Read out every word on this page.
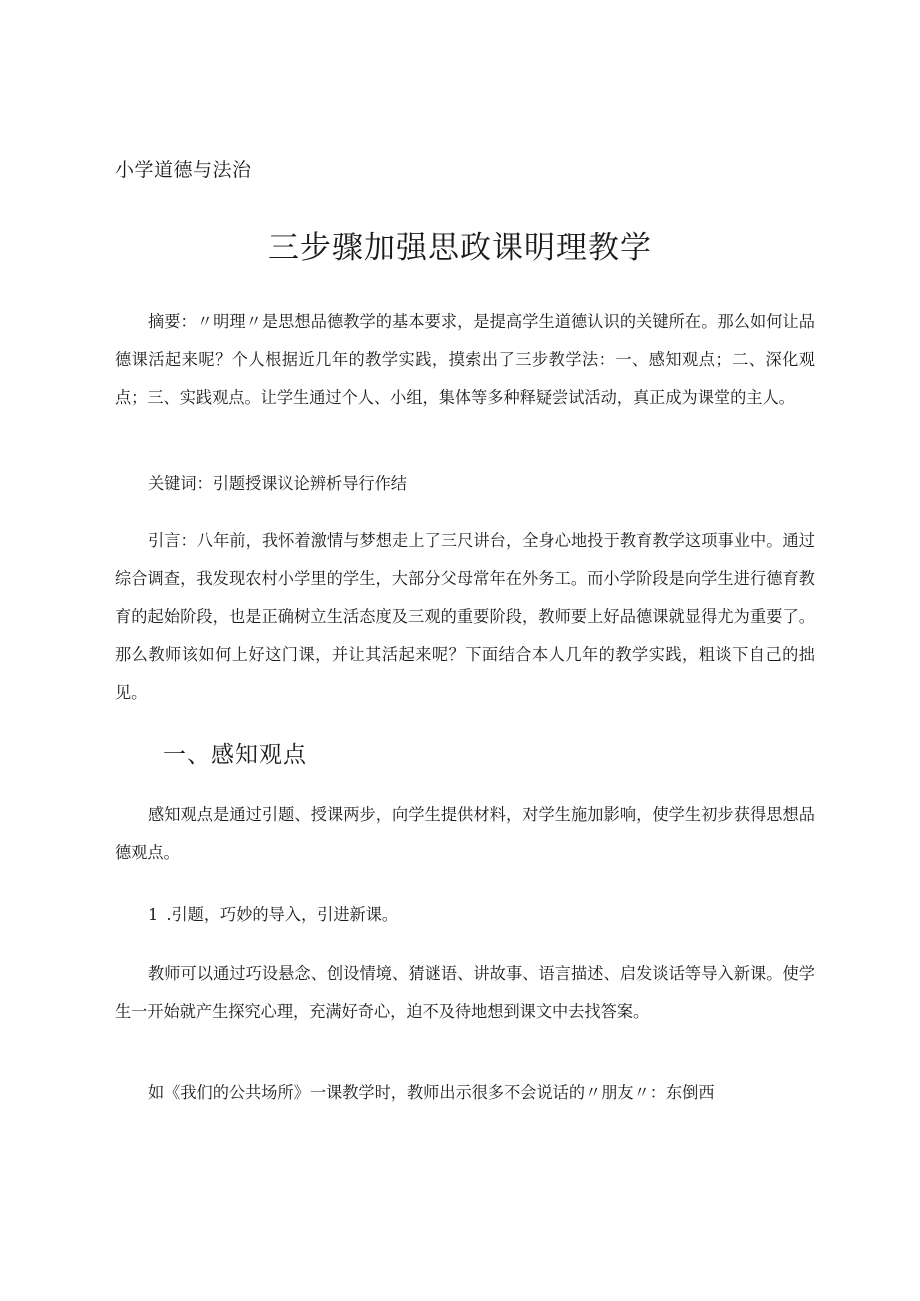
小学道德与法治
三步骤加强思政课明理教学

摘要：〃明理〃是思想品德教学的基本要求，是提高学生道德认识的关键所在。那么如何让品德课活起来呢？个人根据近几年的教学实践，摸索出了三步教学法：一、感知观点；二、深化观点；三、实践观点。让学生通过个人、小组，集体等多种释疑尝试活动，真正成为课堂的主人。

关键词：引题授课议论辨析导行作结

引言：八年前，我怀着激情与梦想走上了三尺讲台，全身心地投于教育教学这项事业中。通过综合调查，我发现农村小学里的学生，大部分父母常年在外务工。而小学阶段是向学生进行德育教育的起始阶段，也是正确树立生活态度及三观的重要阶段，教师要上好品德课就显得尤为重要了。那么教师该如何上好这门课，并让其活起来呢？下面结合本人几年的教学实践，粗谈下自己的拙见。

一、感知观点

感知观点是通过引题、授课两步，向学生提供材料，对学生施加影响，使学生初步获得思想品德观点。

1 .引题，巧妙的导入，引进新课。

教师可以通过巧设悬念、创设情境、猜谜语、讲故事、语言描述、启发谈话等导入新课。使学生一开始就产生探究心理，充满好奇心，迫不及待地想到课文中去找答案。

如《我们的公共场所》一课教学时，教师出示很多不会说话的〃朋友〃：东倒西
